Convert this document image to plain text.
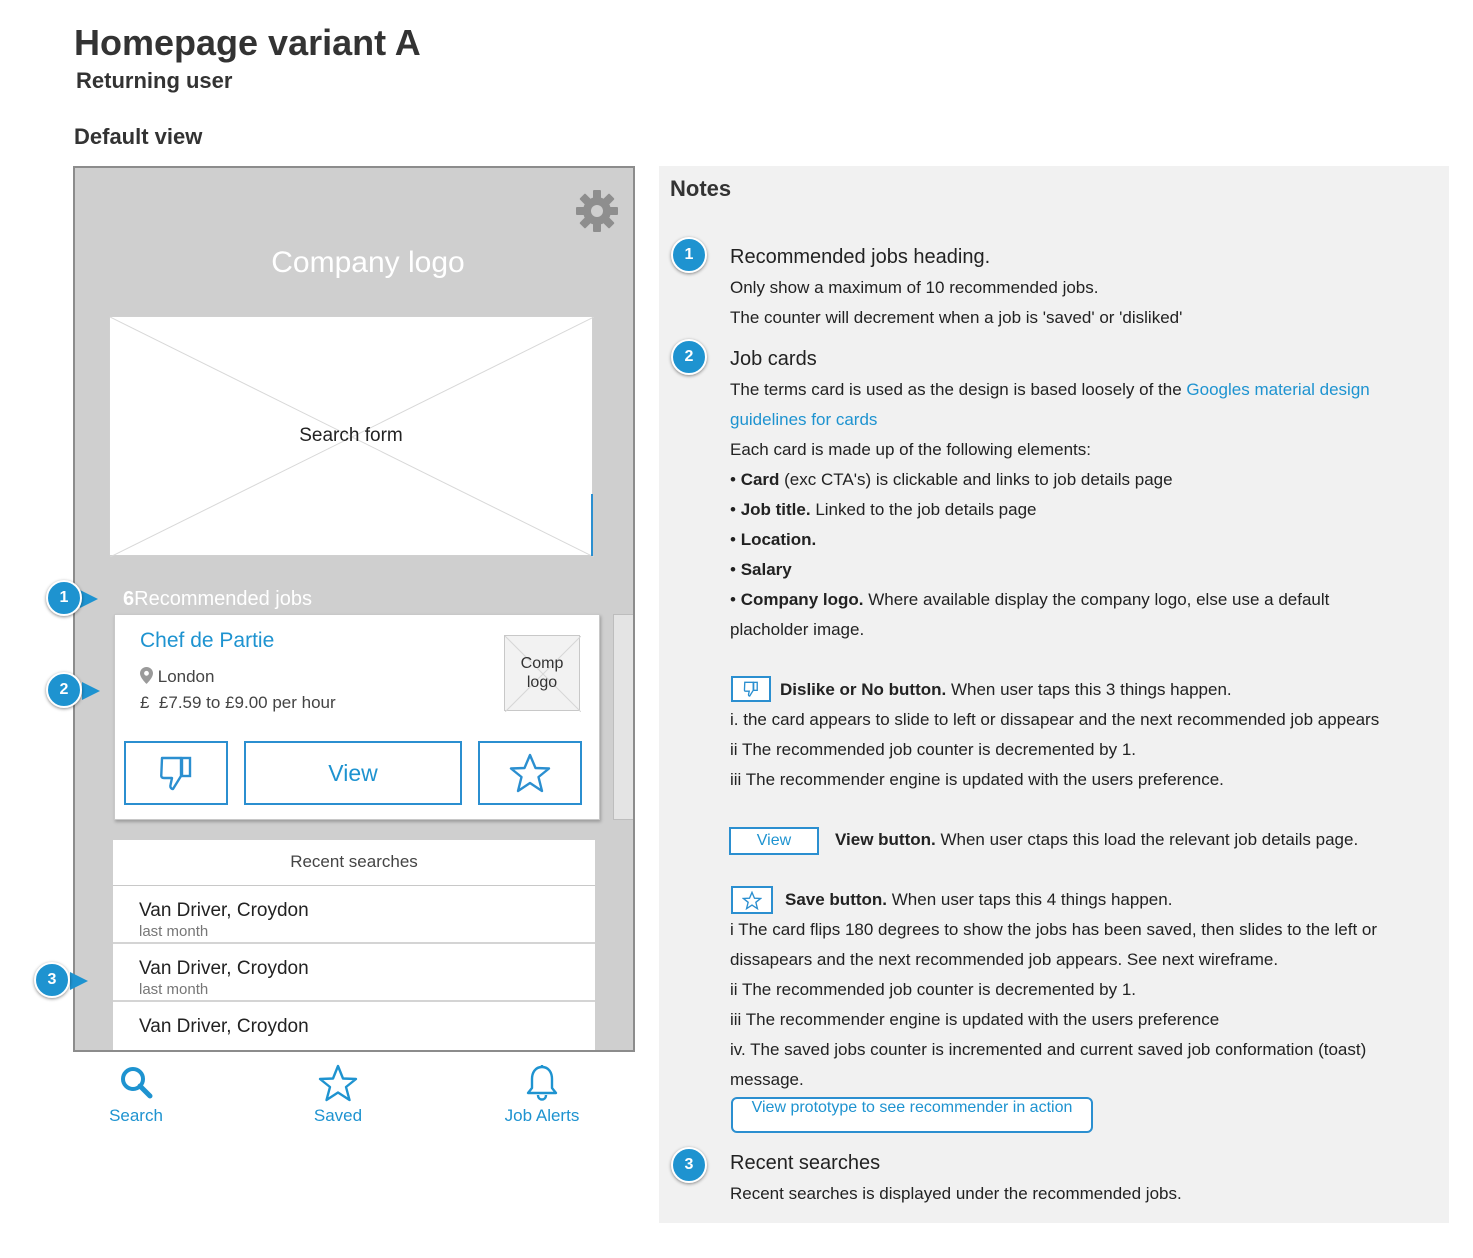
Homepage variant A
Returning user
Default view
Company logo
Search form
6Recommended jobs
Chef de Partie
London
£ £7.59 to £9.00 per hour
Comp logo
View
Recent searches
Van Driver, Croydon
last month
Van Driver, Croydon
last month
Van Driver, Croydon
Search	Saved	Job Alerts
1
2
3
Notes
1	Recommended jobs heading.
Only show a maximum of 10 recommended jobs.
The counter will decrement when a job is 'saved' or 'disliked'
2	Job cards
The terms card is used as the design is based loosely of the Googles material design
guidelines for cards
Each card is made up of the following elements:
• Card (exc CTA's) is clickable and links to job details page
• Job title. Linked to the job details page
• Location.
• Salary
• Company logo. Where available display the company logo, else use a default
placholder image.
Dislike or No button. When user taps this 3 things happen.
i. the card appears to slide to left or dissapear and the next recommended job appears
ii The recommended job counter is decremented by 1.
iii The recommender engine is updated with the users preference.
View	View button. When user ctaps this load the relevant job details page.
Save button. When user taps this 4 things happen.
i The card flips 180 degrees to show the jobs has been saved, then slides to the left or
dissapears and the next recommended job appears. See next wireframe.
ii The recommended job counter is decremented by 1.
iii The recommender engine is updated with the users preference
iv. The saved jobs counter is incremented and current saved job conformation (toast)
message.
View prototype to see recommender in action
3	Recent searches
Recent searches is displayed under the recommended jobs.
